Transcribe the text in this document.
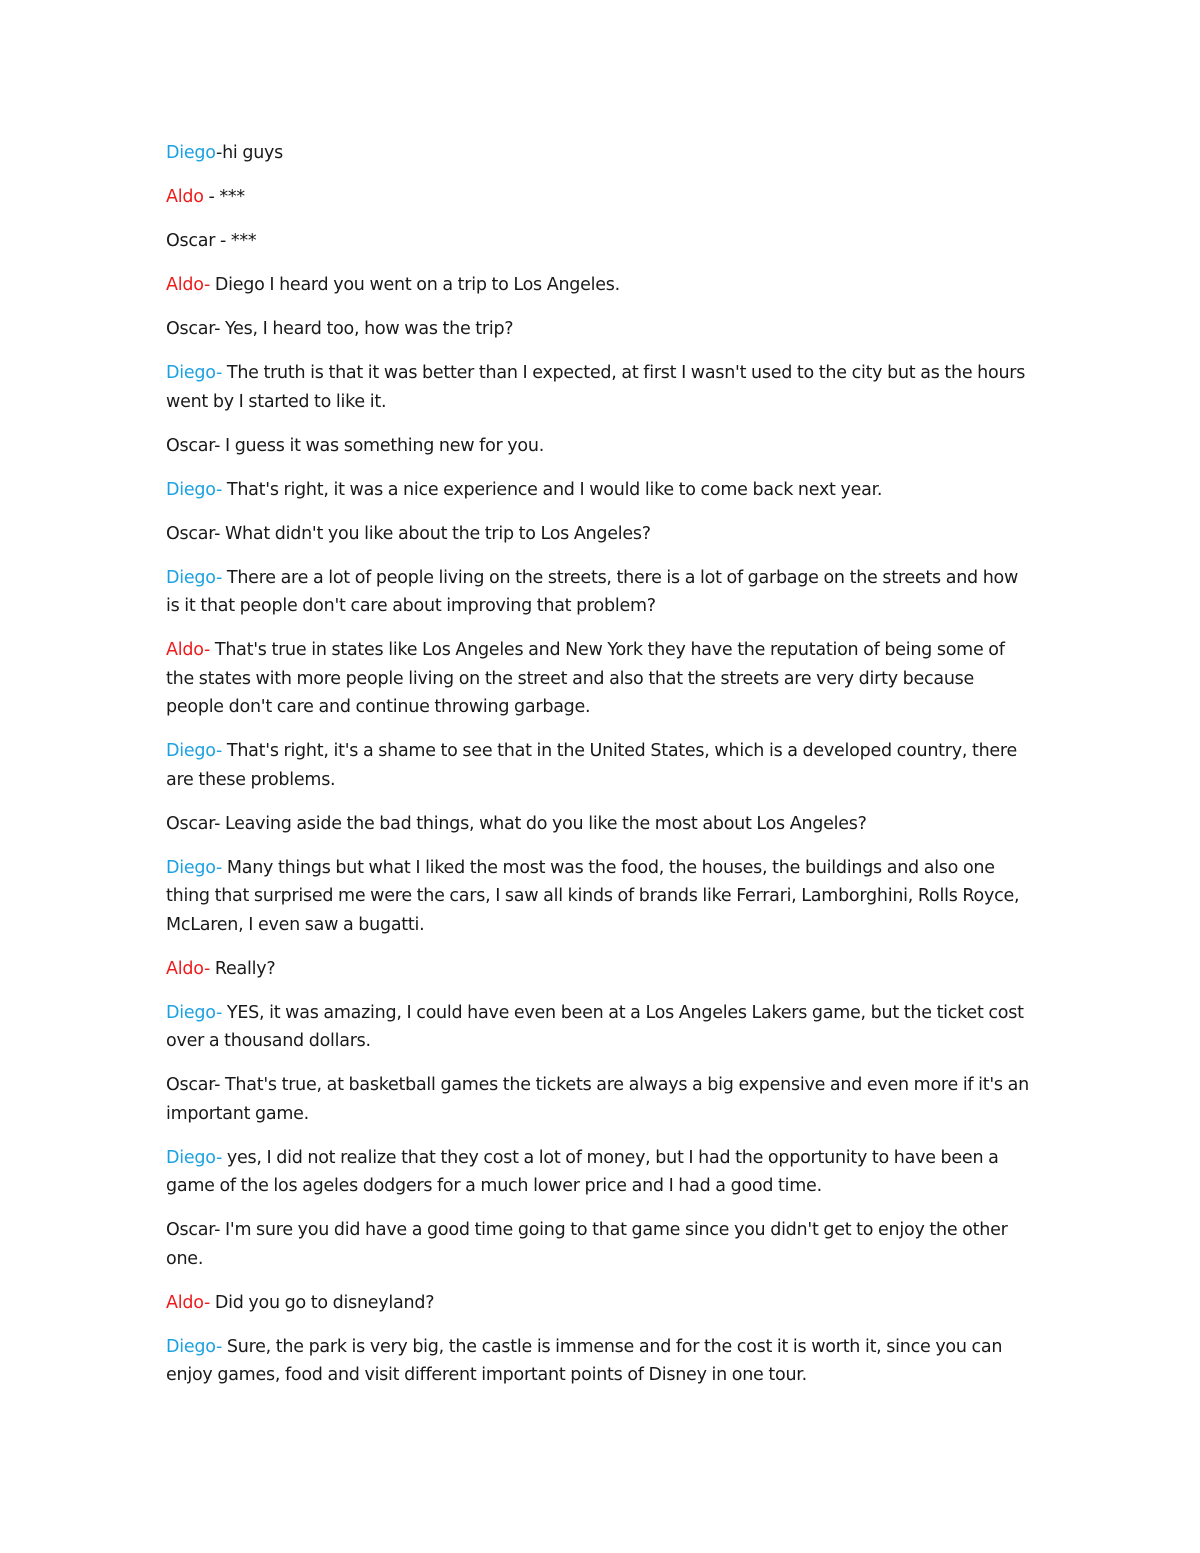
Diego-hi guys

Aldo - ***

Oscar - ***

Aldo- Diego I heard you went on a trip to Los Angeles.

Oscar- Yes, I heard too, how was the trip?

Diego- The truth is that it was better than I expected, at first I wasn't used to the city but as the hours went by I started to like it.

Oscar- I guess it was something new for you.

Diego- That's right, it was a nice experience and I would like to come back next year.

Oscar- What didn't you like about the trip to Los Angeles?

Diego- There are a lot of people living on the streets, there is a lot of garbage on the streets and how is it that people don't care about improving that problem?

Aldo- That's true in states like Los Angeles and New York they have the reputation of being some of the states with more people living on the street and also that the streets are very dirty because people don't care and continue throwing garbage.

Diego- That's right, it's a shame to see that in the United States, which is a developed country, there are these problems.

Oscar- Leaving aside the bad things, what do you like the most about Los Angeles?

Diego- Many things but what I liked the most was the food, the houses, the buildings and also one thing that surprised me were the cars, I saw all kinds of brands like Ferrari, Lamborghini, Rolls Royce, McLaren, I even saw a bugatti.

Aldo- Really?

Diego- YES, it was amazing, I could have even been at a Los Angeles Lakers game, but the ticket cost over a thousand dollars.

Oscar- That's true, at basketball games the tickets are always a big expensive and even more if it's an important game.

Diego- yes, I did not realize that they cost a lot of money, but I had the opportunity to have been a game of the los ageles dodgers for a much lower price and I had a good time.

Oscar- I'm sure you did have a good time going to that game since you didn't get to enjoy the other one.

Aldo- Did you go to disneyland?

Diego- Sure, the park is very big, the castle is immense and for the cost it is worth it, since you can enjoy games, food and visit different important points of Disney in one tour.
